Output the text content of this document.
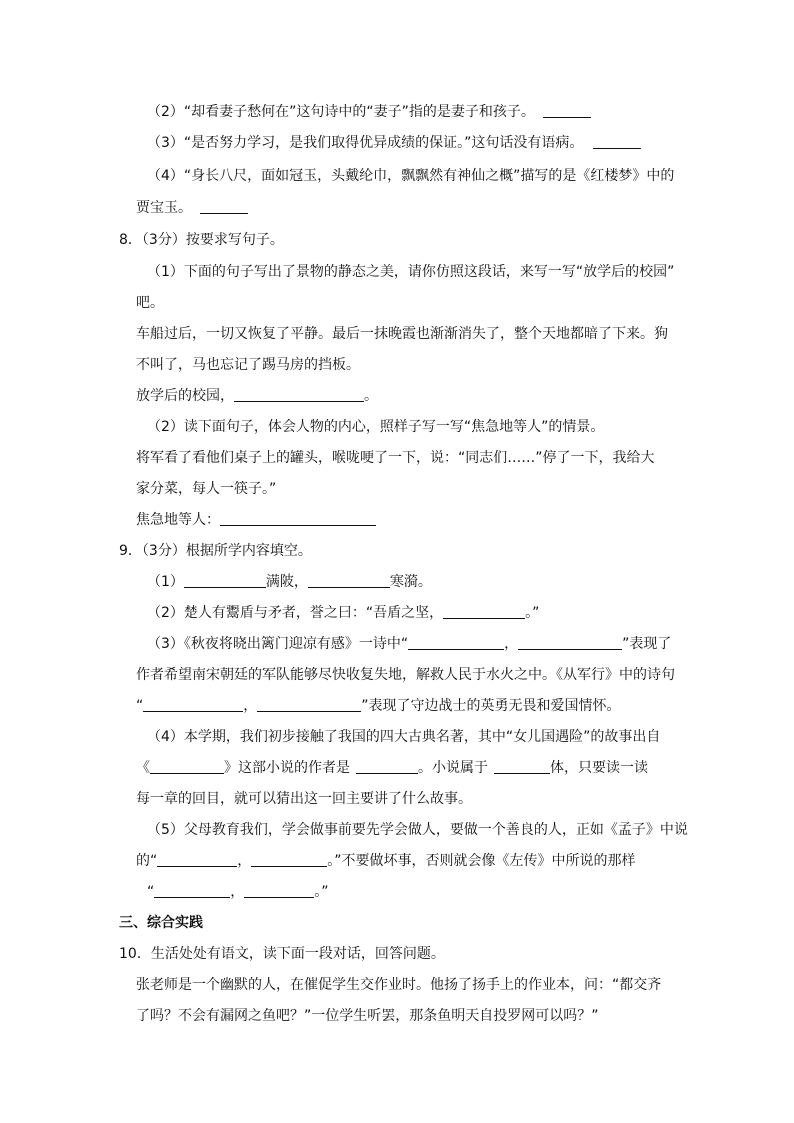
（2）“却看妻子愁何在”这句诗中的“妻子”指的是妻子和孩子。
（3）“是否努力学习，是我们取得优异成绩的保证。”这句话没有语病。
（4）“身长八尺，面如冠玉，头戴纶巾，飘飘然有神仙之概”描写的是《红楼梦》中的
贾宝玉。
8．（3分）按要求写句子。
（1）下面的句子写出了景物的静态之美，请你仿照这段话，来写一写“放学后的校园”
吧。
车船过后，一切又恢复了平静。最后一抹晚霞也渐渐消失了，整个天地都暗了下来。狗
不叫了，马也忘记了踢马房的挡板。
放学后的校园，	。
（2）读下面句子，体会人物的内心，照样子写一写“焦急地等人”的情景。
将军看了看他们桌子上的罐头，喉咙哽了一下，说：“同志们……”停了一下，我给大
家分菜，每人一筷子。”
焦急地等人：
9．（3分）根据所学内容填空。
（1）	满陂，	寒漪。
（2）楚人有鬻盾与矛者，誉之曰：“吾盾之坚，	。”
（3）《秋夜将晓出篱门迎凉有感》一诗中“	，	”表现了
作者希望南宋朝廷的军队能够尽快收复失地，解救人民于水火之中。《从军行》中的诗句
“	，	”表现了守边战士的英勇无畏和爱国情怀。
（4）本学期，我们初步接触了我国的四大古典名著，其中“女儿国遇险”的故事出自
《	》这部小说的作者是	。小说属于	体，只要读一读
每一章的回目，就可以猜出这一回主要讲了什么故事。
（5）父母教育我们，学会做事前要先学会做人，要做一个善良的人，正如《孟子》中说
的“	，	。”不要做坏事，否则就会像《左传》中所说的那样
“	，	。”
三、综合实践
10．生活处处有语文，读下面一段对话，回答问题。
张老师是一个幽默的人，在催促学生交作业时。他扬了扬手上的作业本，问：“都交齐
了吗？不会有漏网之鱼吧？”一位学生听罢，那条鱼明天自投罗网可以吗？”
